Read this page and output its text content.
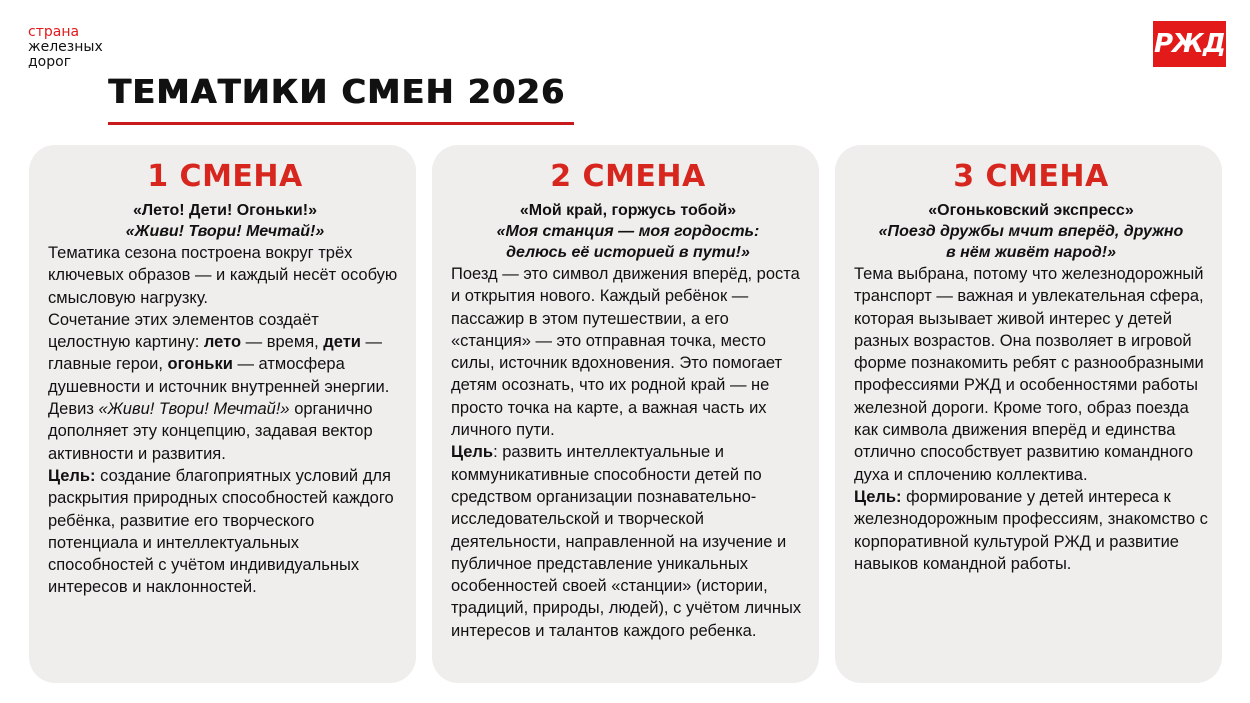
страна
железных
дорог
РЖД
ТЕМАТИКИ СМЕН 2026
1 СМЕНА
«Лето! Дети! Огоньки!»
«Живи! Твори! Мечтай!»

Тематика сезона построена вокруг трёх ключевых образов — и каждый несёт особую смысловую нагрузку.

Сочетание этих элементов создаёт целостную картину: лето — время, дети — главные герои, огоньки — атмосфера душевности и источник внутренней энергии. Девиз «Живи! Твори! Мечтай!» органично дополняет эту концепцию, задавая вектор активности и развития.

Цель: создание благоприятных условий для раскрытия природных способностей каждого ребёнка, развитие его творческого потенциала и интеллектуальных способностей с учётом индивидуальных интересов и наклонностей.

2 СМЕНА
«Мой край, горжусь тобой»
«Моя станция — моя гордость:
делюсь её историей в пути!»

Поезд — это символ движения вперёд, роста и открытия нового. Каждый ребёнок — пассажир в этом путешествии, а его «станция» — это отправная точка, место силы, источник вдохновения. Это помогает детям осознать, что их родной край — не просто точка на карте, а важная часть их личного пути.

Цель: развить интеллектуальные и коммуникативные способности детей по средством организации познавательно-исследовательской и творческой деятельности, направленной на изучение и публичное представление уникальных особенностей своей «станции» (истории, традиций, природы, людей), с учётом личных интересов и талантов каждого ребенка.

3 СМЕНА
«Огоньковский экспресс»
«Поезд дружбы мчит вперёд, дружно
в нём живёт народ!»

Тема выбрана, потому что железнодорожный транспорт — важная и увлекательная сфера, которая вызывает живой интерес у детей разных возрастов. Она позволяет в игровой форме познакомить ребят с разнообразными профессиями РЖД и особенностями работы железной дороги. Кроме того, образ поезда как символа движения вперёд и единства отлично способствует развитию командного духа и сплочению коллектива.

Цель: формирование у детей интереса к железнодорожным профессиям, знакомство с корпоративной культурой РЖД и развитие навыков командной работы.
